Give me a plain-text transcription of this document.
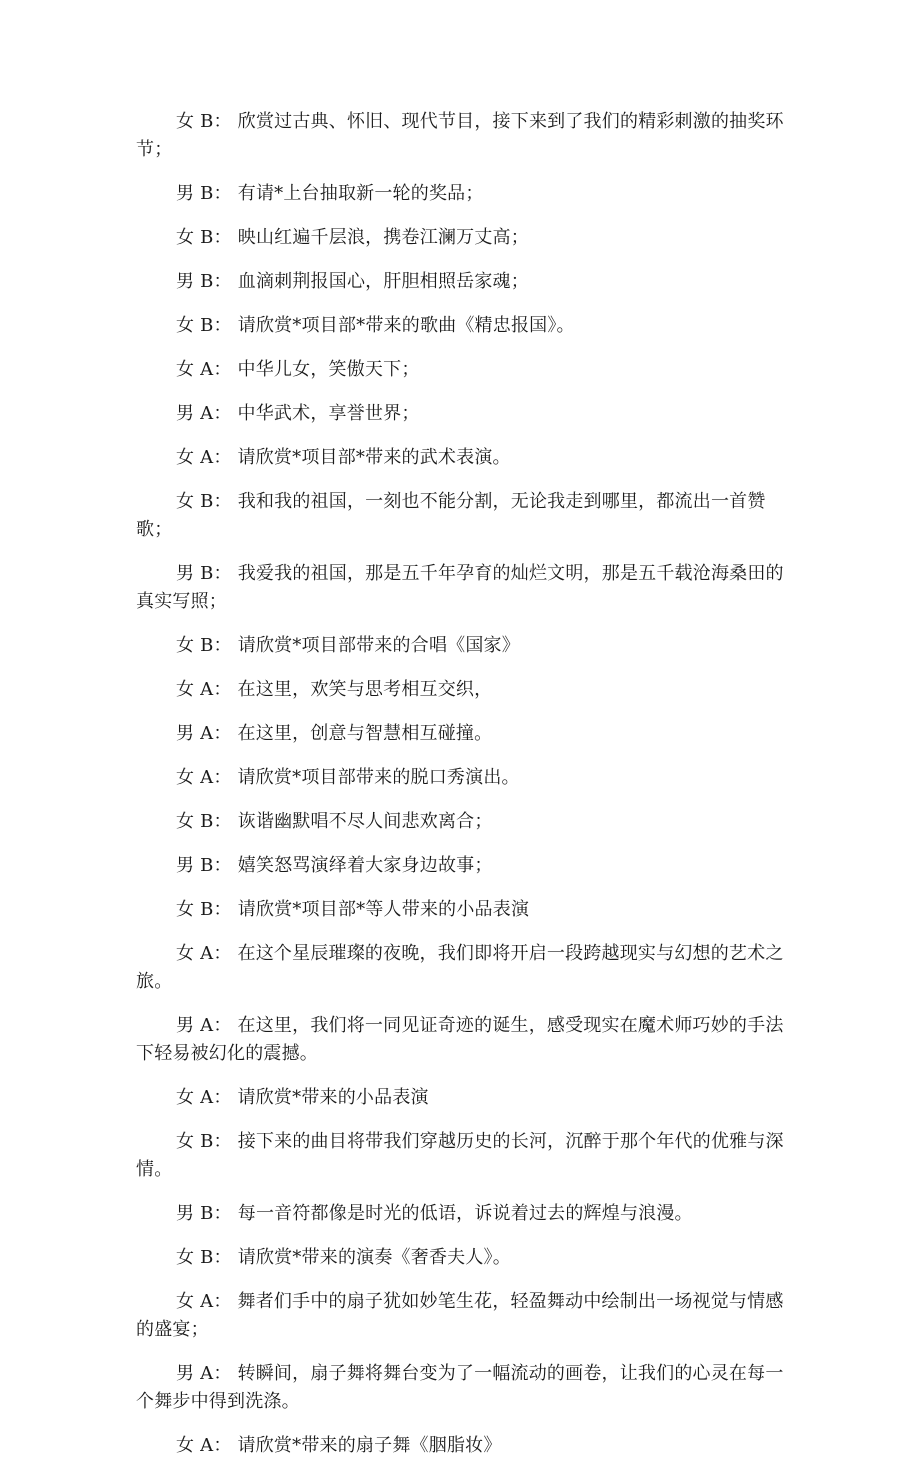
女 B： 欣赏过古典、怀旧、现代节目，接下来到了我们的精彩刺激的抽奖环节；

男 B： 有请*上台抽取新一轮的奖品；

女 B： 映山红遍千层浪，携卷江澜万丈高；

男 B： 血滴刺荆报国心，肝胆相照岳家魂；

女 B： 请欣赏*项目部*带来的歌曲《精忠报国》。

女 A： 中华儿女，笑傲天下；

男 A： 中华武术，享誉世界；

女 A： 请欣赏*项目部*带来的武术表演。

女 B： 我和我的祖国，一刻也不能分割，无论我走到哪里，都流出一首赞歌；

男 B： 我爱我的祖国，那是五千年孕育的灿烂文明，那是五千载沧海桑田的真实写照；

女 B： 请欣赏*项目部带来的合唱《国家》

女 A： 在这里，欢笑与思考相互交织，

男 A： 在这里，创意与智慧相互碰撞。

女 A： 请欣赏*项目部带来的脱口秀演出。

女 B： 诙谐幽默唱不尽人间悲欢离合；

男 B： 嬉笑怒骂演绎着大家身边故事；

女 B： 请欣赏*项目部*等人带来的小品表演

女 A： 在这个星辰璀璨的夜晚，我们即将开启一段跨越现实与幻想的艺术之旅。

男 A： 在这里，我们将一同见证奇迹的诞生，感受现实在魔术师巧妙的手法下轻易被幻化的震撼。

女 A： 请欣赏*带来的小品表演

女 B： 接下来的曲目将带我们穿越历史的长河，沉醉于那个年代的优雅与深情。

男 B： 每一音符都像是时光的低语，诉说着过去的辉煌与浪漫。

女 B： 请欣赏*带来的演奏《奢香夫人》。

女 A： 舞者们手中的扇子犹如妙笔生花，轻盈舞动中绘制出一场视觉与情感的盛宴；

男 A： 转瞬间，扇子舞将舞台变为了一幅流动的画卷，让我们的心灵在每一个舞步中得到洗涤。

女 A： 请欣赏*带来的扇子舞《胭脂妆》
